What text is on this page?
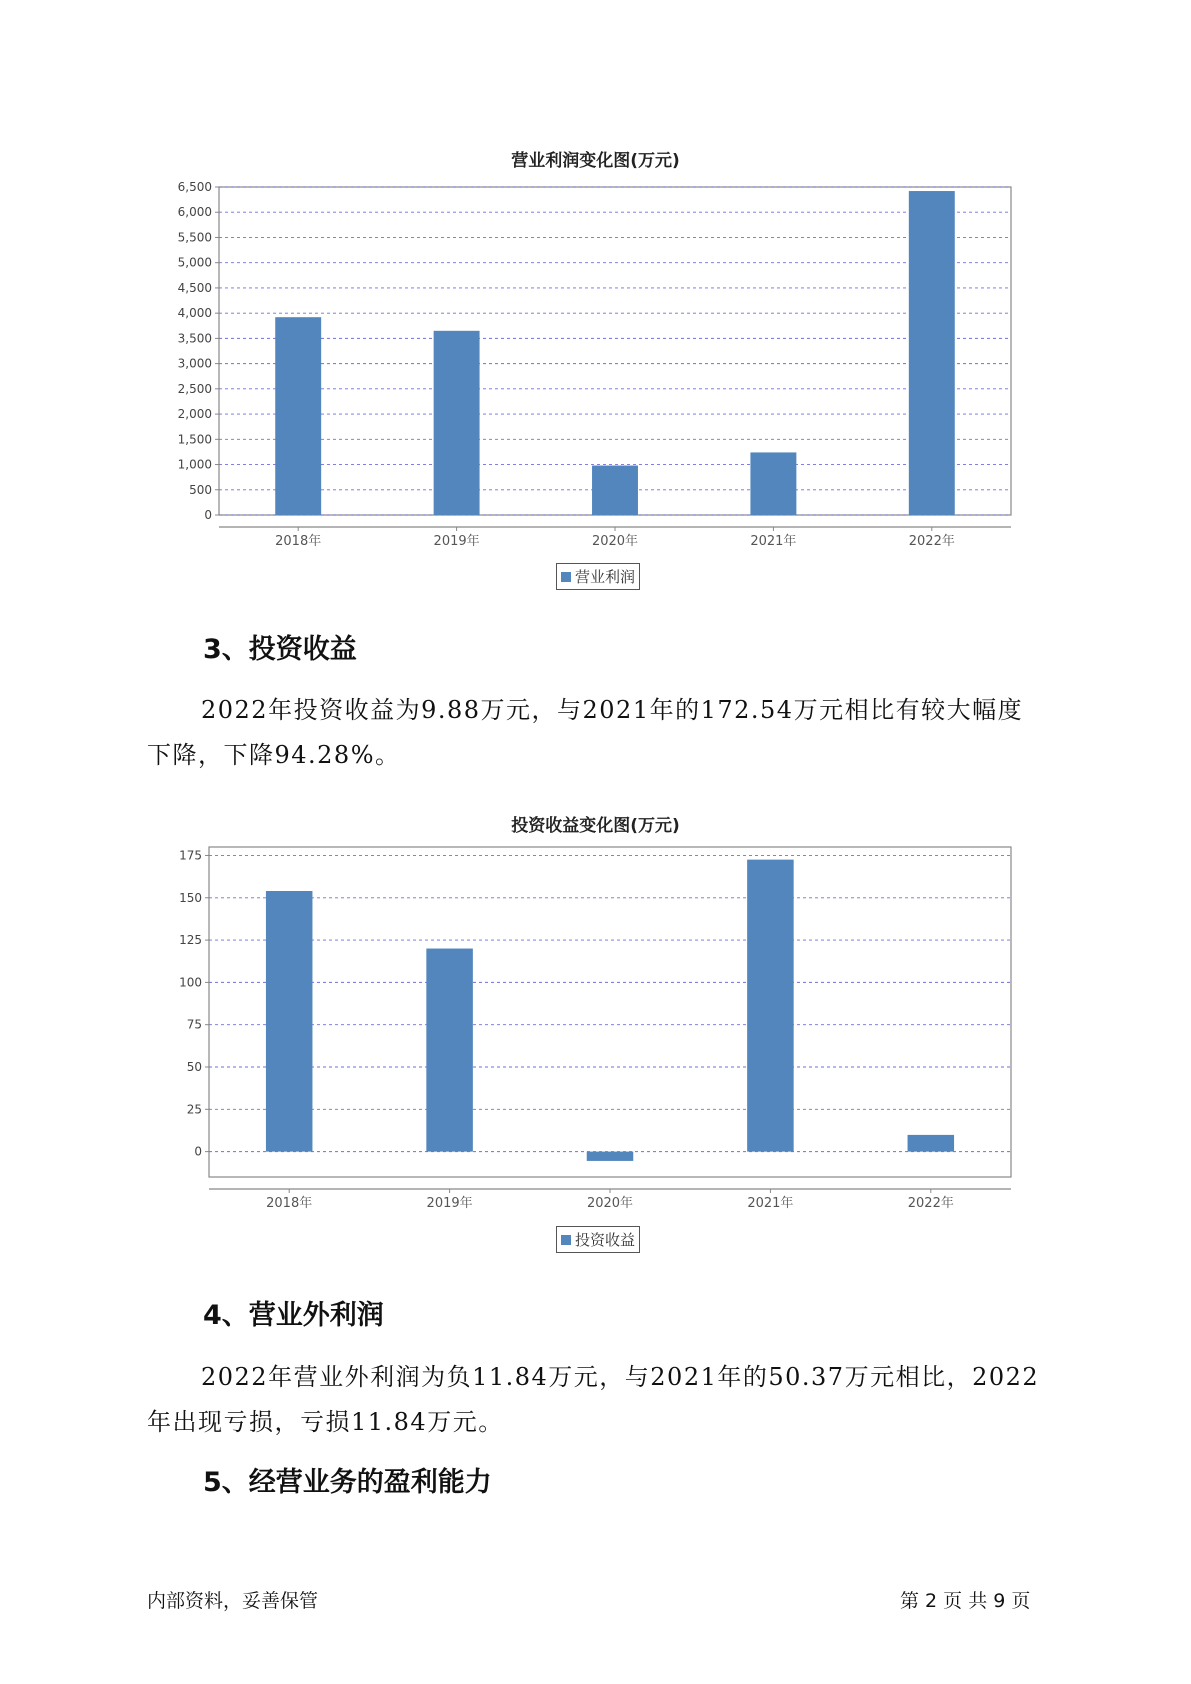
营业利润变化图(万元)
0
500
1,000
1,500
2,000
2,500
3,000
3,500
4,000
4,500
5,000
5,500
6,000
6,500
2018年	2019年	2020年	2021年	2022年
营业利润
3、投资收益

2022年投资收益为9.88万元，与2021年的172.54万元相比有较大幅度下降，下降94.28%。

投资收益变化图(万元)
0
25
50
75
100
125
150
175
2018年	2019年	2020年	2021年	2022年
投资收益
4、营业外利润

2022年营业外利润为负11.84万元，与2021年的50.37万元相比，2022年出现亏损，亏损11.84万元。

5、经营业务的盈利能力
内部资料，妥善保管	第 2 页 共 9 页
